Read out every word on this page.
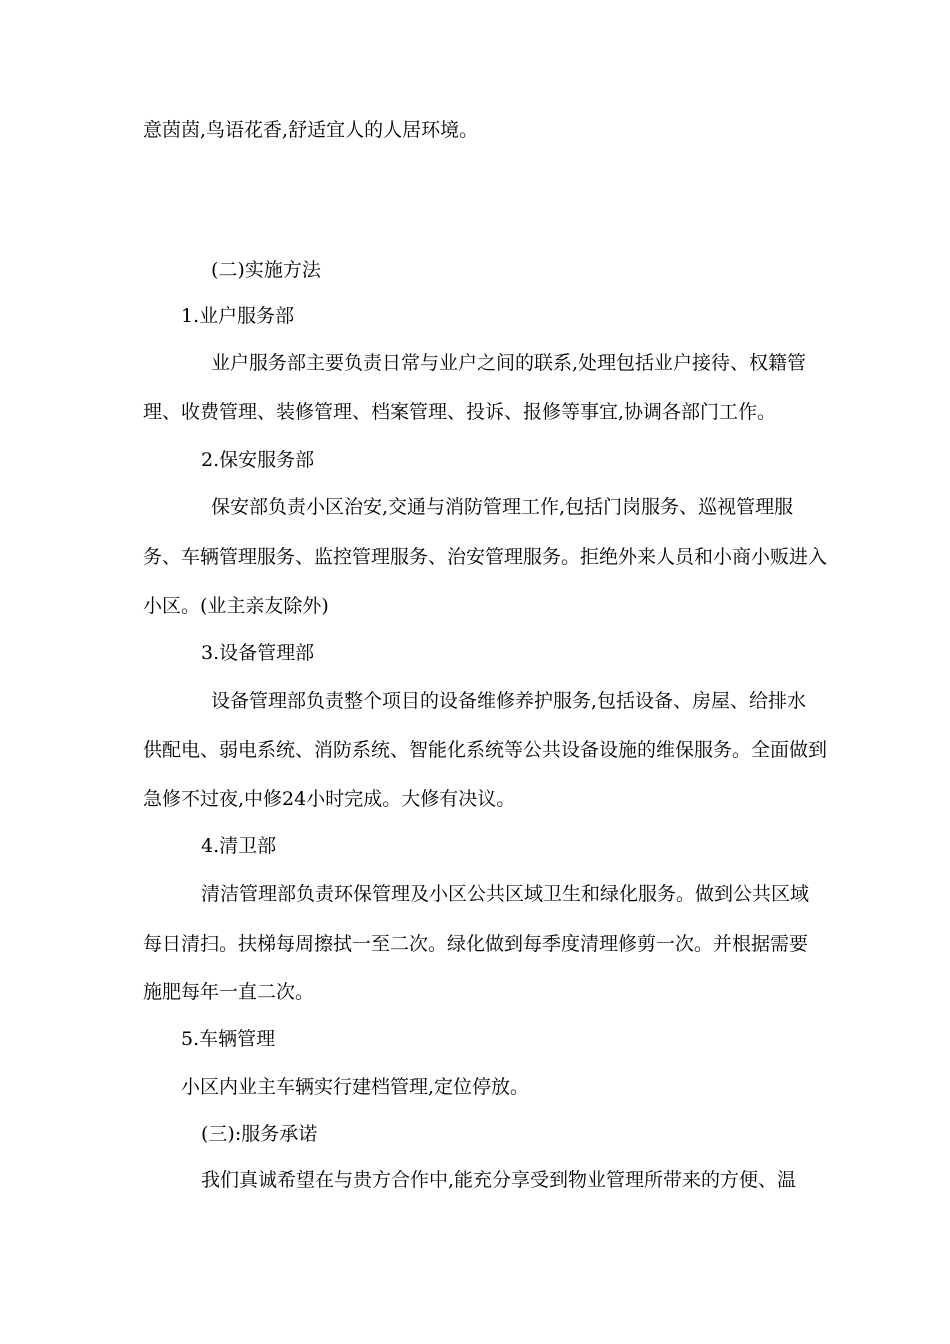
意茵茵,鸟语花香,舒适宜人的人居环境。

(二)实施方法

1.业户服务部

业户服务部主要负责日常与业户之间的联系,处理包括业户接待、权籍管

理、收费管理、装修管理、档案管理、投诉、报修等事宜,协调各部门工作。

2.保安服务部

保安部负责小区治安,交通与消防管理工作,包括门岗服务、巡视管理服

务、车辆管理服务、监控管理服务、治安管理服务。拒绝外来人员和小商小贩进入

小区。(业主亲友除外)

3.设备管理部

设备管理部负责整个项目的设备维修养护服务,包括设备、房屋、给排水

供配电、弱电系统、消防系统、智能化系统等公共设备设施的维保服务。全面做到

急修不过夜,中修24小时完成。大修有决议。

4.清卫部

清洁管理部负责环保管理及小区公共区域卫生和绿化服务。做到公共区域

每日清扫。扶梯每周擦拭一至二次。绿化做到每季度清理修剪一次。并根据需要

施肥每年一直二次。

5.车辆管理

小区内业主车辆实行建档管理,定位停放。

(三):服务承诺

我们真诚希望在与贵方合作中,能充分享受到物业管理所带来的方便、温
